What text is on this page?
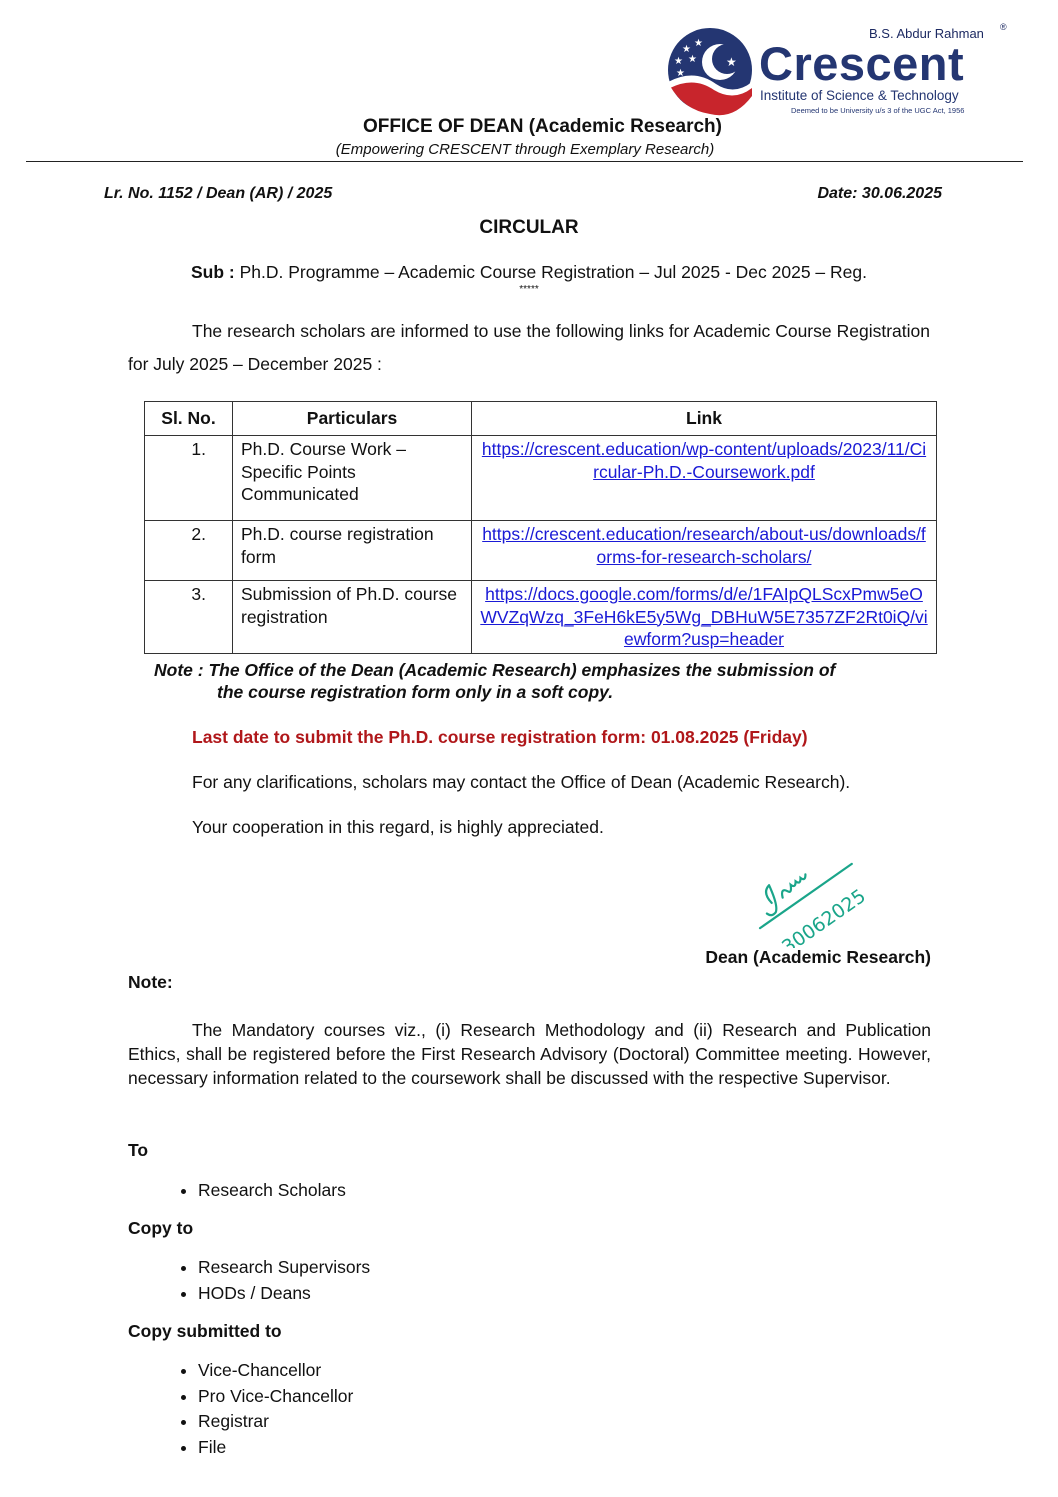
★
★
★ ★
★
★
B.S. Abdur Rahman ®
Crescent
Institute of Science & Technology
Deemed to be University u/s 3 of the UGC Act, 1956
OFFICE OF DEAN (Academic Research)
(Empowering CRESCENT through Exemplary Research)
Lr. No. 1152 / Dean (AR) / 2025	Date: 30.06.2025
CIRCULAR
Sub : Ph.D. Programme – Academic Course Registration – Jul 2025 - Dec 2025 – Reg.
*****
The research scholars are informed to use the following links for Academic Course Registration for July 2025 – December 2025 :
Sl. No.	Particulars	Link
1.	Ph.D. Course Work – Specific Points Communicated	https://crescent.education/wp-content/uploads/2023/11/Circular-Ph.D.-Coursework.pdf
2.	Ph.D. course registration form	https://crescent.education/research/about-us/downloads/forms-for-research-scholars/
3.	Submission of Ph.D. course registration	https://docs.google.com/forms/d/e/1FAIpQLScxPmw5eOWVZqWzq_3FeH6kE5y5Wg_DBHuW5E7357ZF2Rt0iQ/viewform?usp=header
Note : The Office of the Dean (Academic Research) emphasizes the submission of
the course registration form only in a soft copy.
Last date to submit the Ph.D. course registration form: 01.08.2025 (Friday)
For any clarifications, scholars may contact the Office of Dean (Academic Research).
Your cooperation in this regard, is highly appreciated.
30062025
Dean (Academic Research)
Note:
The Mandatory courses viz., (i) Research Methodology and (ii) Research and Publication Ethics, shall be registered before the First Research Advisory (Doctoral) Committee meeting. However, necessary information related to the coursework shall be discussed with the respective Supervisor.
To
• Research Scholars
Copy to
• Research Supervisors
• HODs / Deans
Copy submitted to
• Vice-Chancellor
• Pro Vice-Chancellor
• Registrar
• File
